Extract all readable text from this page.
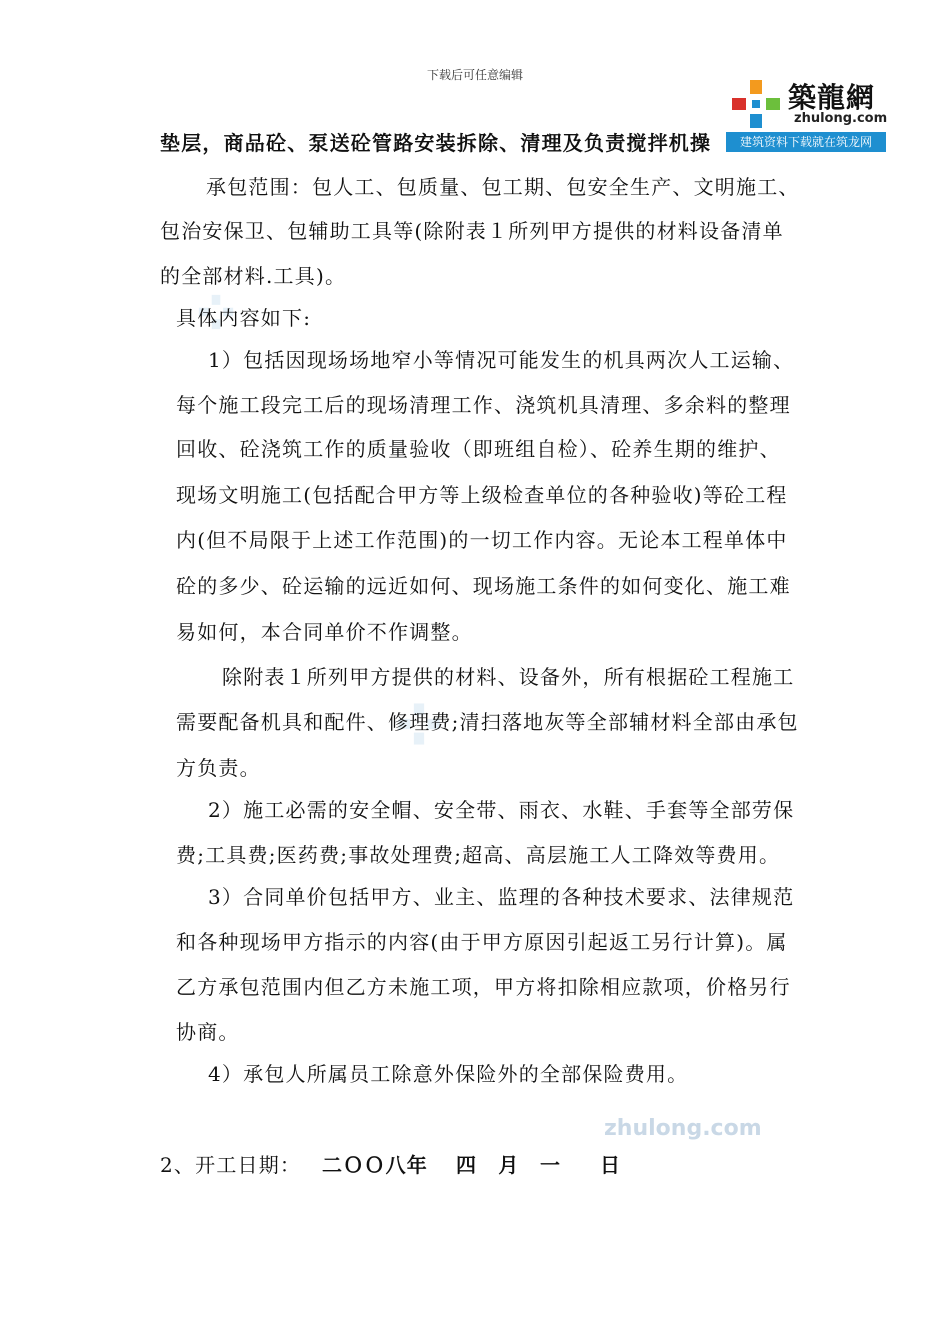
下载后可任意编辑
築龍網
zhulong.com
建筑资料下载就在筑龙网
zhulong.com
垫层，商品砼、泵送砼管路安装拆除、清理及负责搅拌机操
承包范围：包人工、包质量、包工期、包安全生产、文明施工、
包治安保卫、包辅助工具等(除附表１所列甲方提供的材料设备清单
的全部材料.工具)。
具体内容如下:
1）包括因现场场地窄小等情况可能发生的机具两次人工运输、
每个施工段完工后的现场清理工作、浇筑机具清理、多余料的整理
回收、砼浇筑工作的质量验收（即班组自检）、砼养生期的维护、
现场文明施工(包括配合甲方等上级检查单位的各种验收)等砼工程
内(但不局限于上述工作范围)的一切工作内容。无论本工程单体中
砼的多少、砼运输的远近如何、现场施工条件的如何变化、施工难
易如何，本合同单价不作调整。
除附表１所列甲方提供的材料、设备外，所有根据砼工程施工
需要配备机具和配件、修理费;清扫落地灰等全部辅材料全部由承包
方负责。
2）施工必需的安全帽、安全带、雨衣、水鞋、手套等全部劳保
费;工具费;医药费;事故处理费;超高、高层施工人工降效等费用。
3）合同单价包括甲方、业主、监理的各种技术要求、法律规范
和各种现场甲方指示的内容(由于甲方原因引起返工另行计算)。属
乙方承包范围内但乙方未施工项，甲方将扣除相应款项，价格另行
协商。
4）承包人所属员工除意外保险外的全部保险费用。
2、开工日期： 二ＯＯ八年 四　月 一 日
